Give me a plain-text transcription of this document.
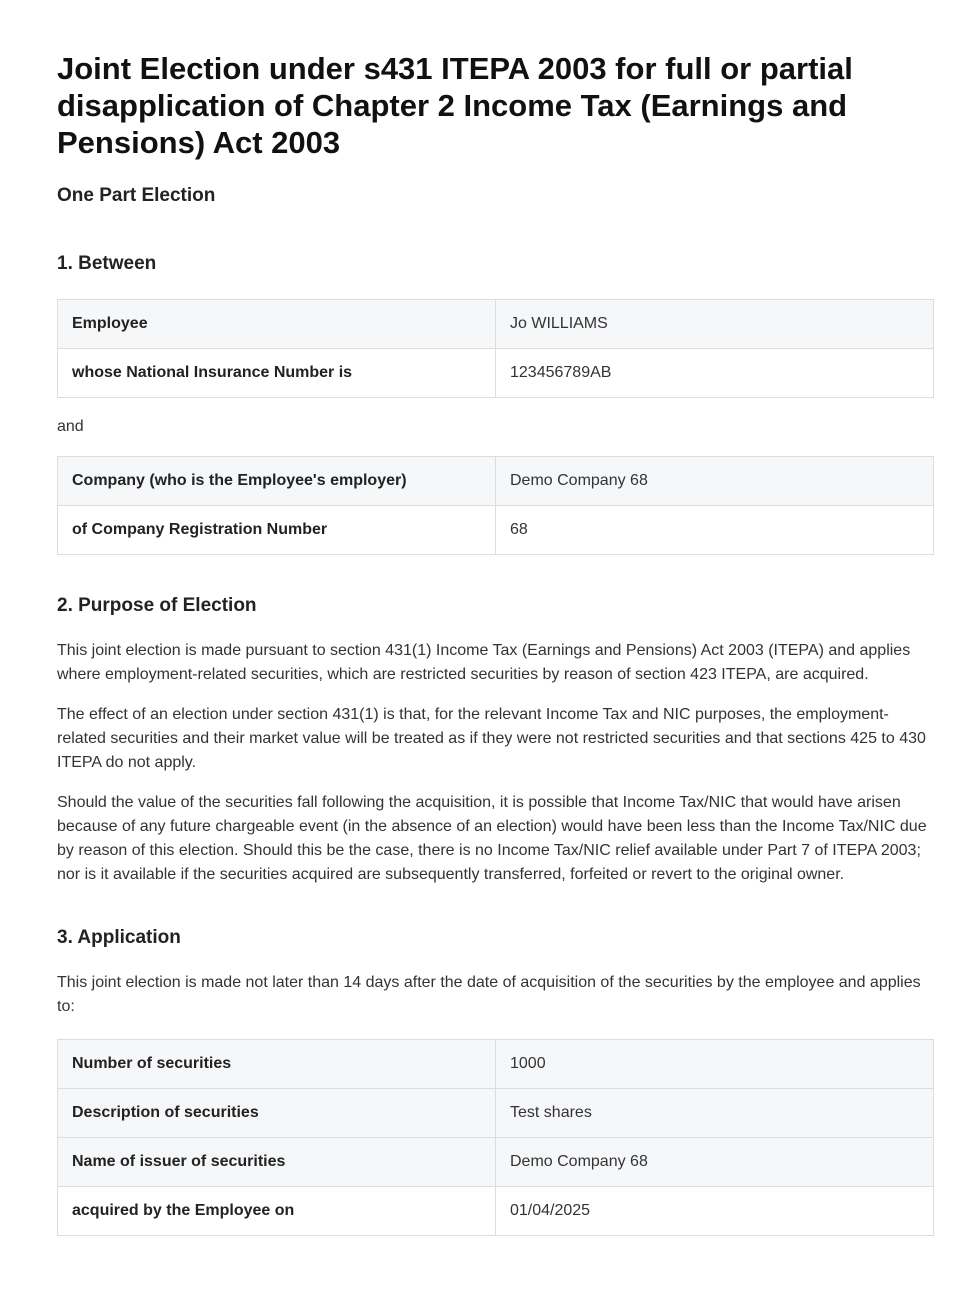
Joint Election under s431 ITEPA 2003 for full or partial disapplication of Chapter 2 Income Tax (Earnings and Pensions) Act 2003
One Part Election
1. Between
Employee	Jo WILLIAMS
whose National Insurance Number is	123456789AB
and
Company (who is the Employee's employer)	Demo Company 68
of Company Registration Number	68
2. Purpose of Election

This joint election is made pursuant to section 431(1) Income Tax (Earnings and Pensions) Act 2003 (ITEPA) and applies where employment-related securities, which are restricted securities by reason of section 423 ITEPA, are acquired.

The effect of an election under section 431(1) is that, for the relevant Income Tax and NIC purposes, the employment-related securities and their market value will be treated as if they were not restricted securities and that sections 425 to 430 ITEPA do not apply.

Should the value of the securities fall following the acquisition, it is possible that Income Tax/NIC that would have arisen because of any future chargeable event (in the absence of an election) would have been less than the Income Tax/NIC due by reason of this election. Should this be the case, there is no Income Tax/NIC relief available under Part 7 of ITEPA 2003; nor is it available if the securities acquired are subsequently transferred, forfeited or revert to the original owner.

3. Application

This joint election is made not later than 14 days after the date of acquisition of the securities by the employee and applies to:

Number of securities	1000
Description of securities	Test shares
Name of issuer of securities	Demo Company 68
acquired by the Employee on	01/04/2025
